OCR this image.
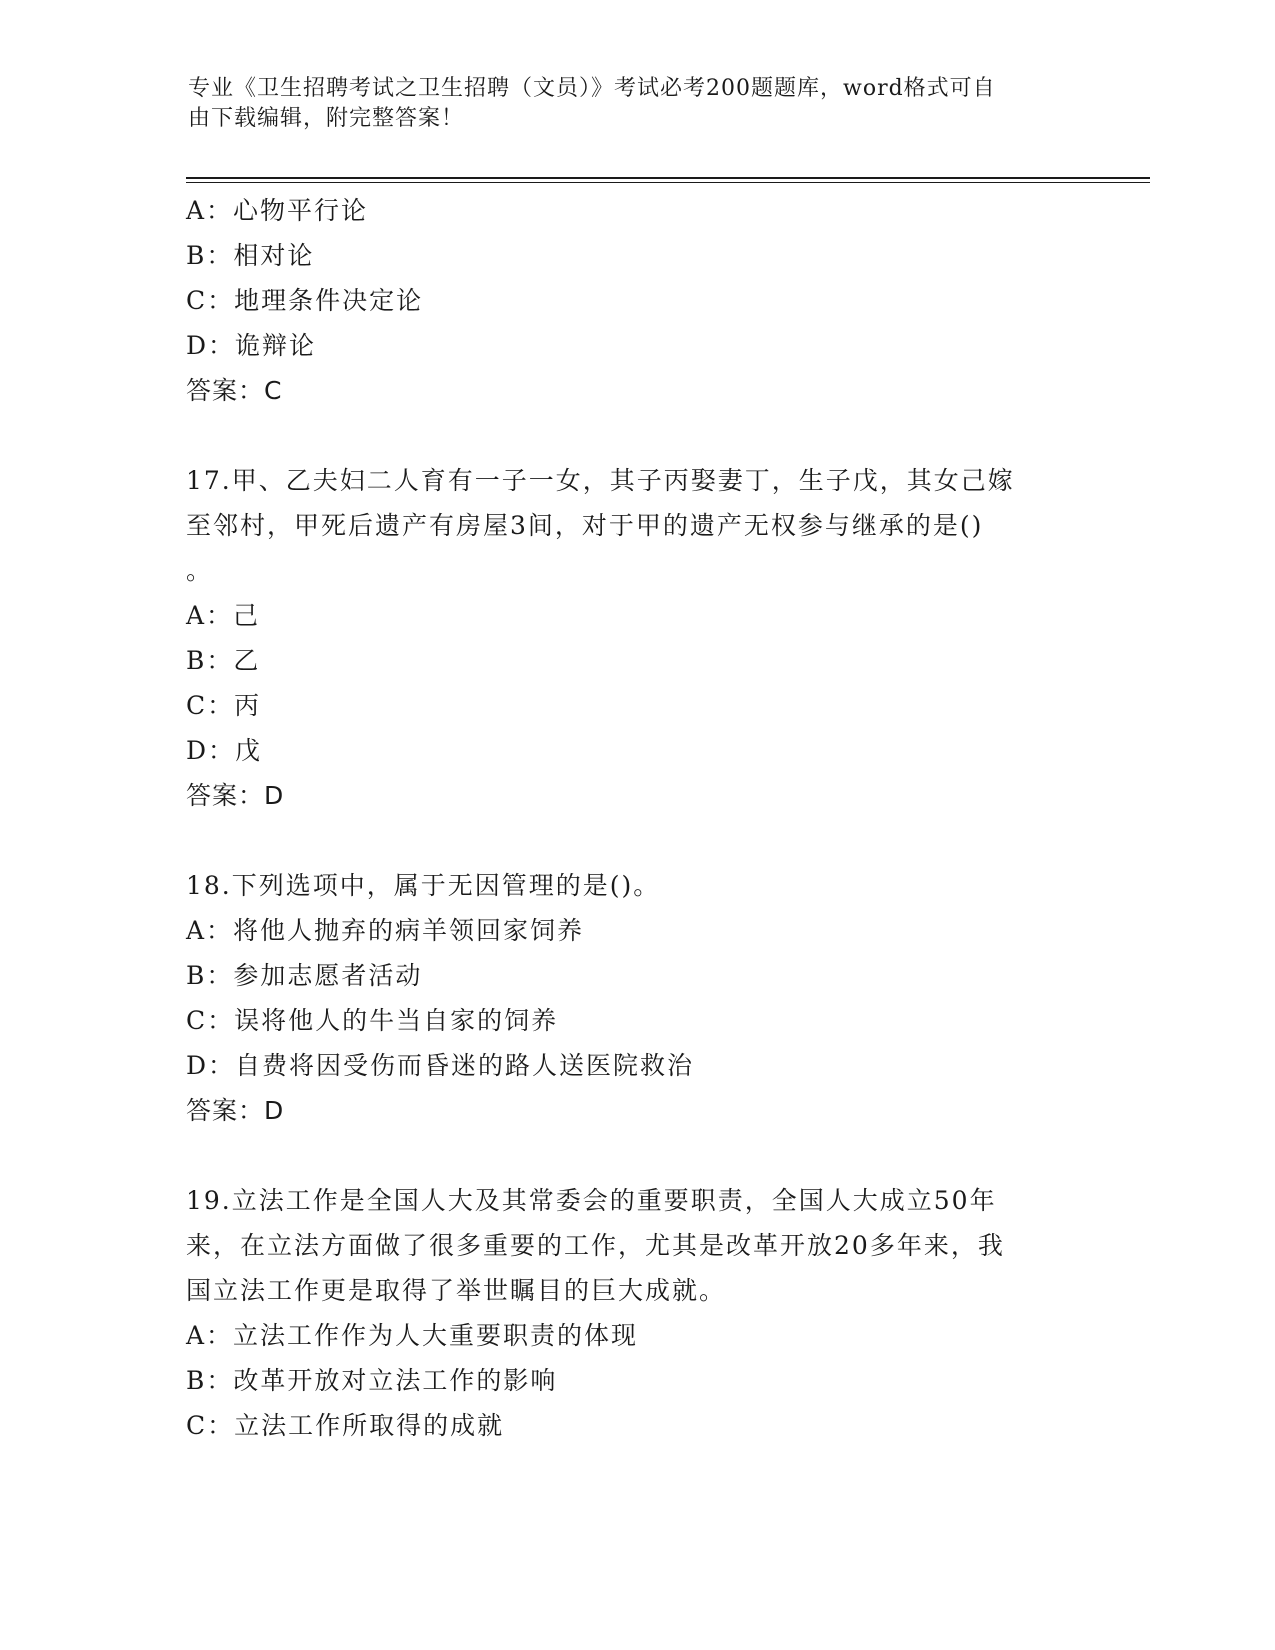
专业《卫生招聘考试之卫生招聘（文员）》考试必考200题题库，word格式可自
由下载编辑，附完整答案！
A：心物平行论
B：相对论
C：地理条件决定论
D：诡辩论
答案：C
17.甲、乙夫妇二人育有一子一女，其子丙娶妻丁，生子戊，其女己嫁
至邻村，甲死后遗产有房屋3间，对于甲的遗产无权参与继承的是()
。
A：己
B：乙
C：丙
D：戊
答案：D
18.下列选项中，属于无因管理的是()。
A：将他人抛弃的病羊领回家饲养
B：参加志愿者活动
C：误将他人的牛当自家的饲养
D：自费将因受伤而昏迷的路人送医院救治
答案：D
19.立法工作是全国人大及其常委会的重要职责，全国人大成立50年
来，在立法方面做了很多重要的工作，尤其是改革开放20多年来，我
国立法工作更是取得了举世瞩目的巨大成就。
A：立法工作作为人大重要职责的体现
B：改革开放对立法工作的影响
C：立法工作所取得的成就
